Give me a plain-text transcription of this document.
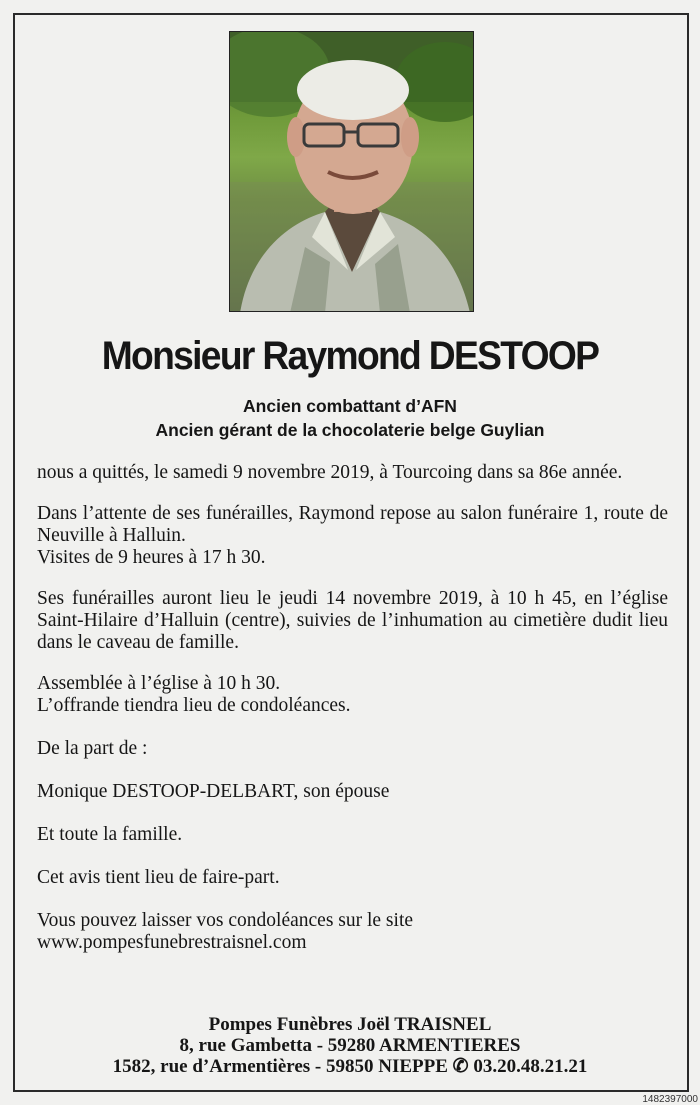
Monsieur Raymond DESTOOP
Ancien combattant d’AFN
Ancien gérant de la chocolaterie belge Guylian

nous a quittés, le samedi 9 novembre 2019, à Tourcoing dans sa 86e année.

Dans l’attente de ses funérailles, Raymond repose au salon funéraire 1, route de Neuville à Halluin.

Visites de 9 heures à 17 h 30.

Ses funérailles auront lieu le jeudi 14 novembre 2019, à 10 h 45, en l’église Saint-Hilaire d’Halluin (centre), suivies de l’inhumation au cimetière dudit lieu dans le caveau de famille.

Assemblée à l’église à 10 h 30.

L’offrande tiendra lieu de condoléances.

De la part de :

Monique DESTOOP-DELBART, son épouse

Et toute la famille.

Cet avis tient lieu de faire-part.

Vous pouvez laisser vos condoléances sur le site

www.pompesfunebrestraisnel.com

Pompes Funèbres Joël TRAISNEL
8, rue Gambetta - 59280 ARMENTIERES
1582, rue d’Armentières - 59850 NIEPPE ✆ 03.20.48.21.21
1482397000
